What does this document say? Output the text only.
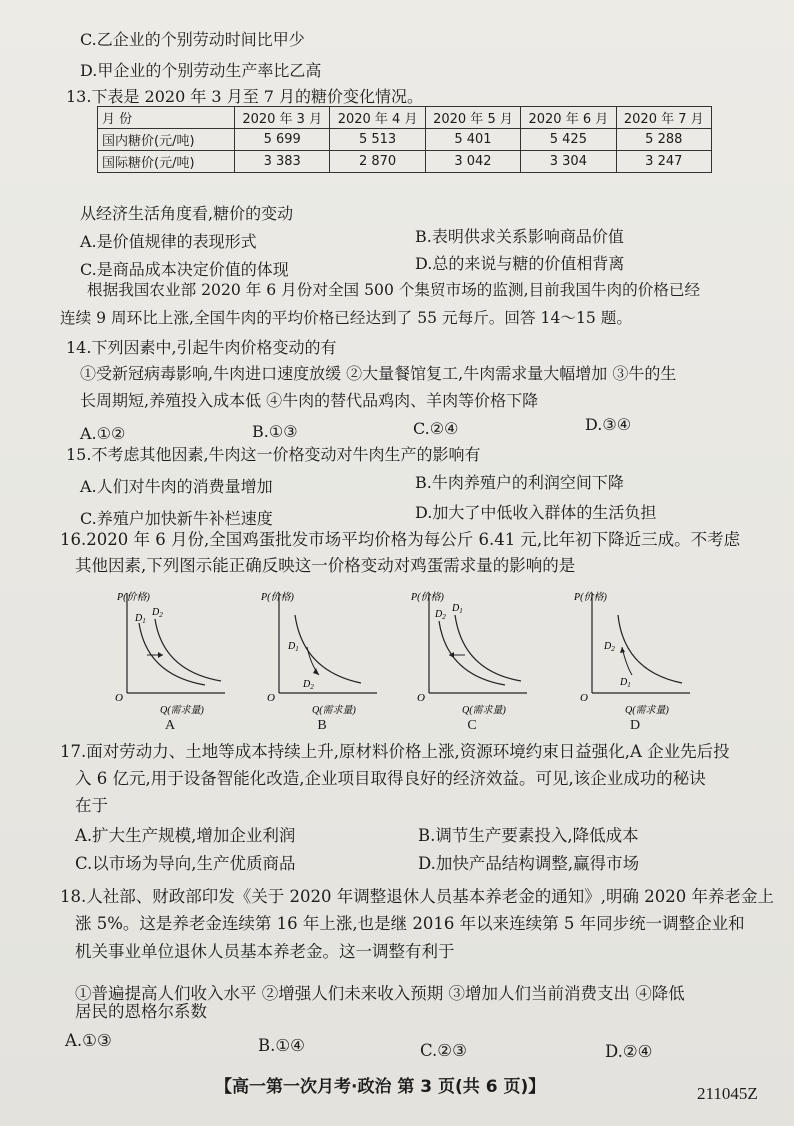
C.乙企业的个别劳动时间比甲少
D.甲企业的个别劳动生产率比乙高
13.下表是 2020 年 3 月至 7 月的糖价变化情况。
月 份	2020 年 3 月	2020 年 4 月	2020 年 5 月	2020 年 6 月	2020 年 7 月
国内糖价(元/吨)	5 699	5 513	5 401	5 425	5 288
国际糖价(元/吨)	3 383	2 870	3 042	3 304	3 247
从经济生活角度看,糖价的变动
A.是价值规律的表现形式	B.表明供求关系影响商品价值
C.是商品成本决定价值的体现	D.总的来说与糖的价值相背离
根据我国农业部 2020 年 6 月份对全国 500 个集贸市场的监测,目前我国牛肉的价格已经
连续 9 周环比上涨,全国牛肉的平均价格已经达到了 55 元每斤。回答 14～15 题。
14.下列因素中,引起牛肉价格变动的有
①受新冠病毒影响,牛肉进口速度放缓 ②大量餐馆复工,牛肉需求量大幅增加 ③牛的生
长周期短,养殖投入成本低 ④牛肉的替代品鸡肉、羊肉等价格下降
A.①②	B.①③	C.②④	D.③④
15.不考虑其他因素,牛肉这一价格变动对牛肉生产的影响有
A.人们对牛肉的消费量增加	B.牛肉养殖户的利润空间下降
C.养殖户加快新牛补栏速度	D.加大了中低收入群体的生活负担
16.2020 年 6 月份,全国鸡蛋批发市场平均价格为每公斤 6.41 元,比年初下降近三成。不考虑
其他因素,下列图示能正确反映这一价格变动对鸡蛋需求量的影响的是
P(价格)
O
Q(需求量)
$D_1$
$D_2$
A
P(价格)
O
Q(需求量)
$D_1$
$D_2$
B
P(价格)
O
Q(需求量)
$D_2$
$D_1$
C
P(价格)
O
Q(需求量)
$D_2$
$D_1$
D
17.面对劳动力、土地等成本持续上升,原材料价格上涨,资源环境约束日益强化,A 企业先后投
入 6 亿元,用于设备智能化改造,企业项目取得良好的经济效益。可见,该企业成功的秘诀
在于
A.扩大生产规模,增加企业利润	B.调节生产要素投入,降低成本
C.以市场为导向,生产优质商品	D.加快产品结构调整,赢得市场
18.人社部、财政部印发《关于 2020 年调整退休人员基本养老金的通知》,明确 2020 年养老金上
涨 5%。这是养老金连续第 16 年上涨,也是继 2016 年以来连续第 5 年同步统一调整企业和
机关事业单位退休人员基本养老金。这一调整有利于
①普遍提高人们收入水平 ②增强人们未来收入预期 ③增加人们当前消费支出 ④降低
居民的恩格尔系数
A.①③	B.①④	C.②③	D.②④
【高一第一次月考·政治 第 3 页(共 6 页)】	211045Z
